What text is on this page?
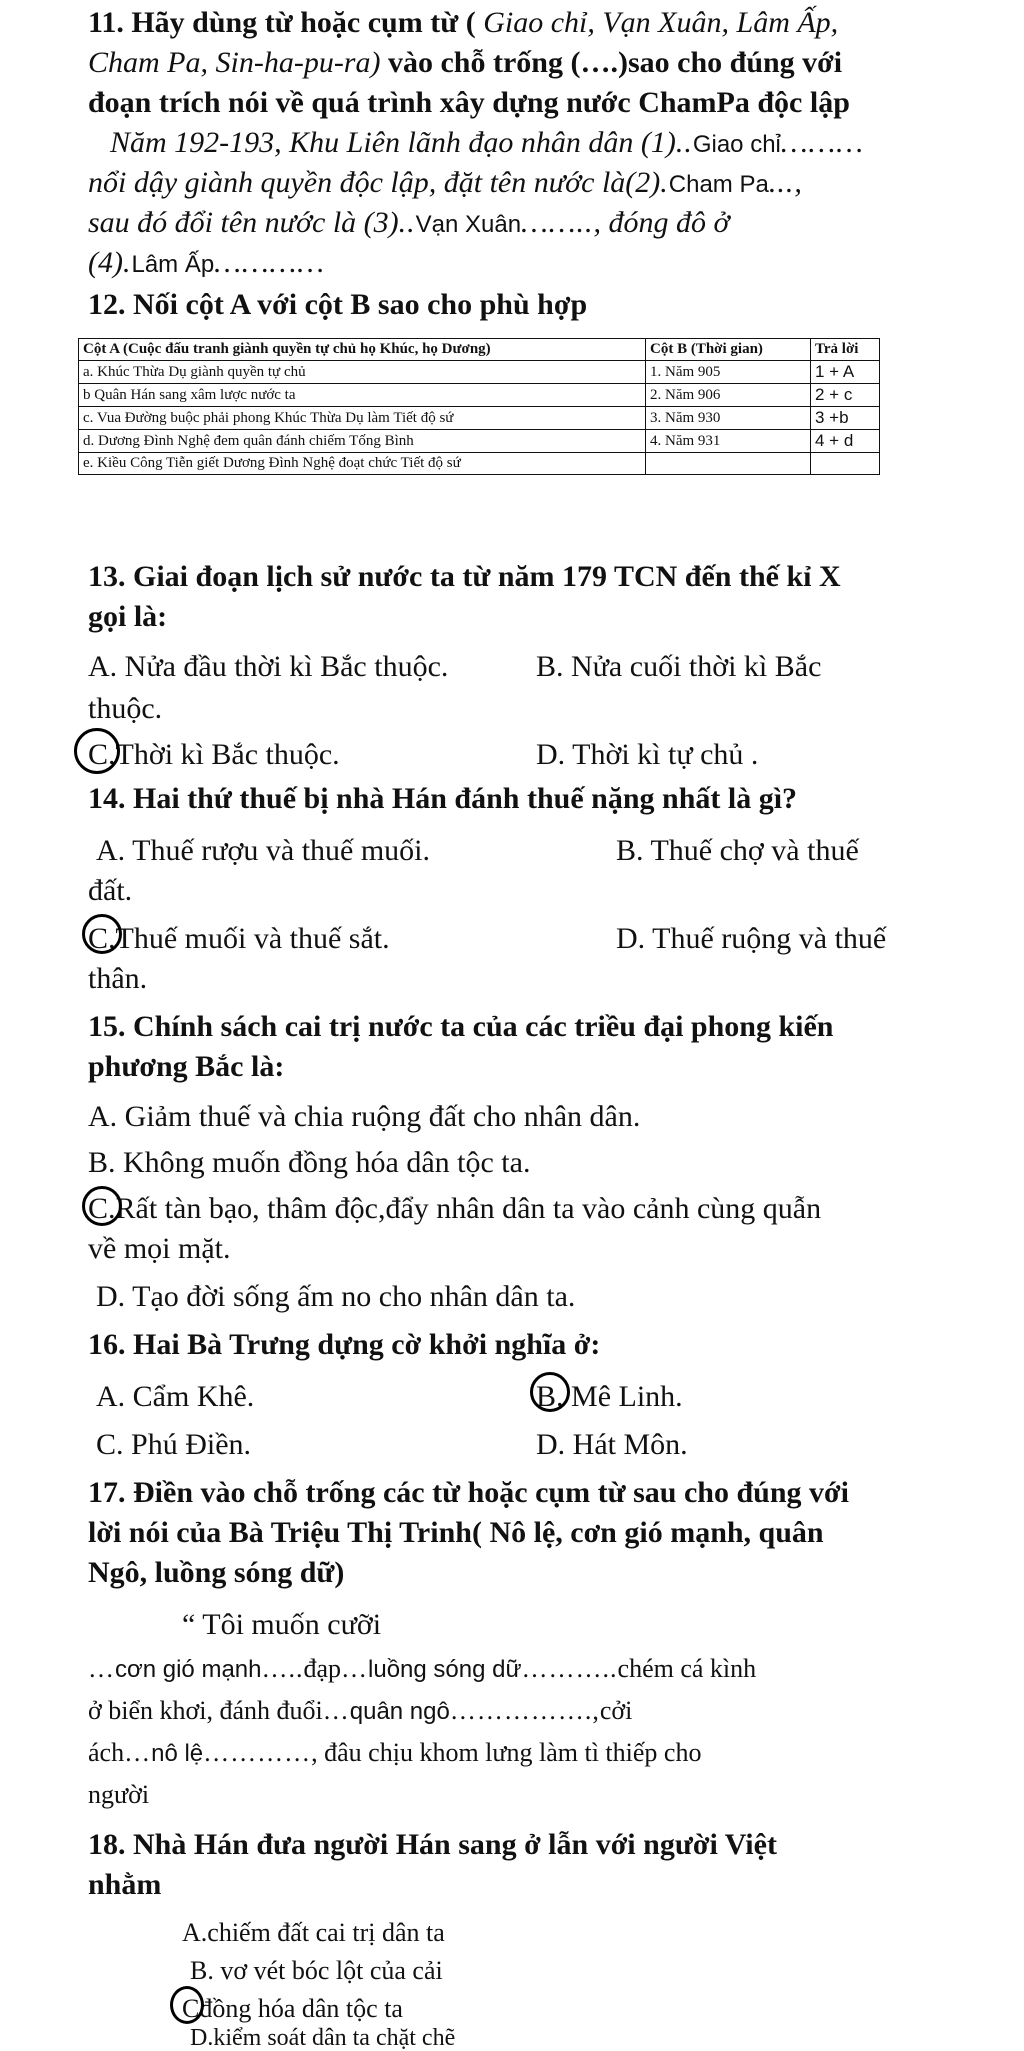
11. Hãy dùng từ hoặc cụm từ ( Giao chỉ, Vạn Xuân, Lâm Ấp,
Cham Pa, Sin-ha-pu-ra) vào chỗ trống (….)sao cho đúng với
đoạn trích nói về quá trình xây dựng nước ChamPa độc lập
Năm 192-193, Khu Liên lãnh đạo nhân dân (1)..Giao chỉ………
nổi dậy giành quyền độc lập, đặt tên nước là(2).Cham Pa...,
sau đó đổi tên nước là (3)..Vạn Xuân…….., đóng đô ở
(4).Lâm Ấp…………
12. Nối cột A với cột B sao cho phù hợp
Cột A (Cuộc đấu tranh giành quyền tự chủ họ Khúc, họ Dương)	Cột B (Thời gian)	Trả lời
a. Khúc Thừa Dụ giành quyền tự chủ	1. Năm 905	1 + A
b Quân Hán sang xâm lược nước ta	2. Năm 906	2 + c
c. Vua Đường buộc phải phong Khúc Thừa Dụ làm Tiết độ sứ	3. Năm 930	3 +b
d. Dương Đình Nghệ đem quân đánh chiếm Tống Bình	4. Năm 931	4 + d
e. Kiều Công Tiễn giết Dương Đình Nghệ đoạt chức Tiết độ sứ		
13. Giai đoạn lịch sử nước ta từ năm 179 TCN đến thế kỉ X
gọi là:
A. Nửa đầu thời kì Bắc thuộc.	B. Nửa cuối thời kì Bắc
thuộc.
C.Thời kì Bắc thuộc.	D. Thời kì tự chủ .
14. Hai thứ thuế bị nhà Hán đánh thuế nặng nhất là gì?
A. Thuế rượu và thuế muối.	B. Thuế chợ và thuế
đất.
C.Thuế muối và thuế sắt.	D. Thuế ruộng và thuế
thân.
15. Chính sách cai trị nước ta của các triều đại phong kiến
phương Bắc là:
A. Giảm thuế và chia ruộng đất cho nhân dân.
B. Không muốn đồng hóa dân tộc ta.
C.Rất tàn bạo, thâm độc,đẩy nhân dân ta vào cảnh cùng quẫn
về mọi mặt.
D. Tạo đời sống ấm no cho nhân dân ta.
16. Hai Bà Trưng dựng cờ khởi nghĩa ở:
A. Cẩm Khê.	B. Mê Linh.
C. Phú Điền.	D. Hát Môn.
17. Điền vào chỗ trống các từ hoặc cụm từ sau cho đúng với
lời nói của Bà Triệu Thị Trinh( Nô lệ, cơn gió mạnh, quân
Ngô, luồng sóng dữ)
“ Tôi muốn cưỡi
…cơn gió mạnh…..đạp…luồng sóng dữ………..chém cá kình
ở biển khơi, đánh đuổi…quân ngô…………….,cởi
ách…nô lệ…………, đâu chịu khom lưng làm tì thiếp cho
người
18. Nhà Hán đưa người Hán sang ở lẫn với người Việt
nhằm
A.chiếm đất cai trị dân ta
B. vơ vét bóc lột của cải
Cđồng hóa dân tộc ta
D.kiểm soát dân ta chặt chẽ
